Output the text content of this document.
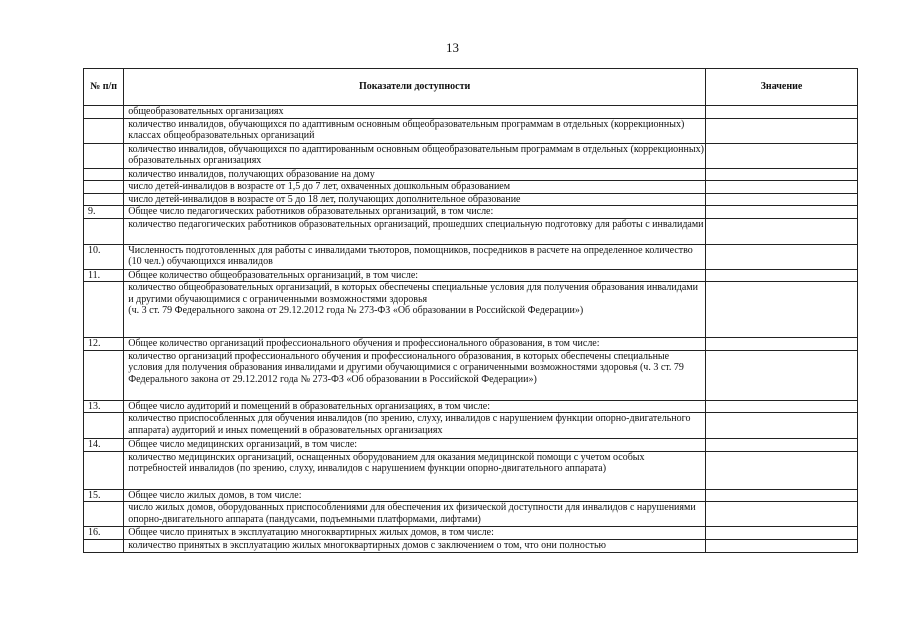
13
№ п/п	Показатели доступности	Значение
	общеобразовательных организациях	
	количество инвалидов, обучающихся по адаптивным основным общеобразовательным программам в отдельных (коррекционных) классах общеобразовательных организаций	
	количество инвалидов, обучающихся по адаптированным основным общеобразовательным программам в отдельных (коррекционных) образовательных организациях	
	количество инвалидов, получающих образование на дому	
	число детей-инвалидов в возрасте от 1,5 до 7 лет, охваченных дошкольным образованием	
	число детей-инвалидов в возрасте от 5 до 18 лет, получающих дополнительное образование	
9.	Общее число педагогических работников образовательных организаций, в том числе:	
	количество педагогических работников образовательных организаций, прошедших специальную подготовку для работы с инвалидами	
10.	Численность подготовленных для работы с инвалидами тьюторов, помощников, посредников в расчете на определенное количество (10 чел.) обучающихся инвалидов	
11.	Общее количество общеобразовательных организаций, в том числе:	
	количество общеобразовательных организаций, в которых обеспечены специальные условия для получения образования инвалидами и другими обучающимися с ограниченными возможностями здоровья
(ч. 3 ст. 79 Федерального закона от 29.12.2012 года № 273-ФЗ «Об образовании в Российской Федерации»)	
12.	Общее количество организаций профессионального обучения и профессионального образования, в том числе:	
	количество организаций профессионального обучения и профессионального образования, в которых обеспечены специальные условия для получения образования инвалидами и другими обучающимися с ограниченными возможностями здоровья (ч. 3 ст. 79 Федерального закона от 29.12.2012 года № 273-ФЗ «Об образовании в Российской Федерации»)	
13.	Общее число аудиторий и помещений в образовательных организациях, в том числе:	
	количество приспособленных для обучения инвалидов (по зрению, слуху, инвалидов с нарушением функции опорно-двигательного аппарата) аудиторий и иных помещений в образовательных организациях	
14.	Общее число медицинских организаций, в том числе:	
	количество медицинских организаций, оснащенных оборудованием для оказания медицинской помощи с учетом особых потребностей инвалидов (по зрению, слуху, инвалидов с нарушением функции опорно-двигательного аппарата)	
15.	Общее число жилых домов, в том числе:	
	число жилых домов, оборудованных приспособлениями для обеспечения их физической доступности для инвалидов с нарушениями опорно-двигательного аппарата (пандусами, подъемными платформами, лифтами)	
16.	Общее число принятых в эксплуатацию многоквартирных жилых домов, в том числе:	
	количество принятых в эксплуатацию жилых многоквартирных домов с заключением о том, что они полностью	
